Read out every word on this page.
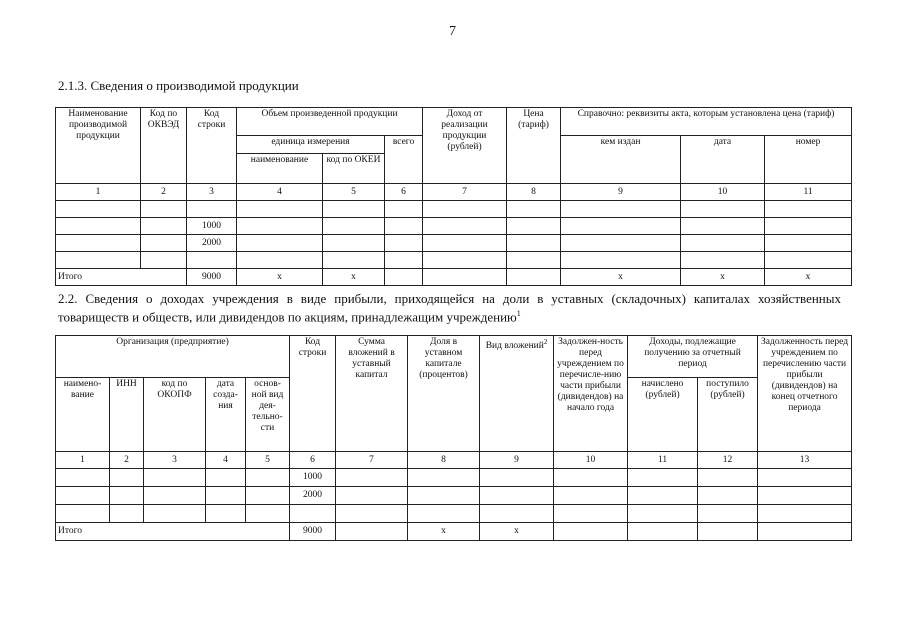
7
2.1.3. Сведения о производимой продукции
Наименование производимой продукции	Код по ОКВЭД	Код строки	Объем произведенной продукции			Доход от реализации продукции (рублей)	Цена (тариф)	Справочно: реквизиты акта, которым установлена цена (тариф)		
			единица измерения		всего			кем издан	дата	номер
			наименование	код по ОКЕИ						
1	2	3	4	5	6	7	8	9	10	11

		1000								
		2000								

Итого		9000	х	х				х	х	х
2.2. Сведения о доходах учреждения в виде прибыли, приходящейся на доли в уставных (складочных) капиталах хозяйственных товариществ и обществ, или дивидендов по акциям, принадлежащим учреждению$^1$
Организация (предприятие)					Код строки	Сумма вложений в уставный капитал	Доля в уставном капитале (процентов)	Вид вложений$^2$	Задолжен-ность перед учреждением по перечисле-нию части прибыли (дивидендов) на начало года	Доходы, подлежащие получению за отчетный период		Задолженность перед учреждением по перечислению части прибыли (дивидендов) на конец отчетного периода
наимено-вание	ИНН	код по ОКОПФ	дата созда-ния	основ-ной вид дея-тельно-сти						начислено (рублей)	поступило (рублей)	
1	2	3	4	5	6	7	8	9	10	11	12	13
					1000							
					2000							

Итого					9000		х	х				
